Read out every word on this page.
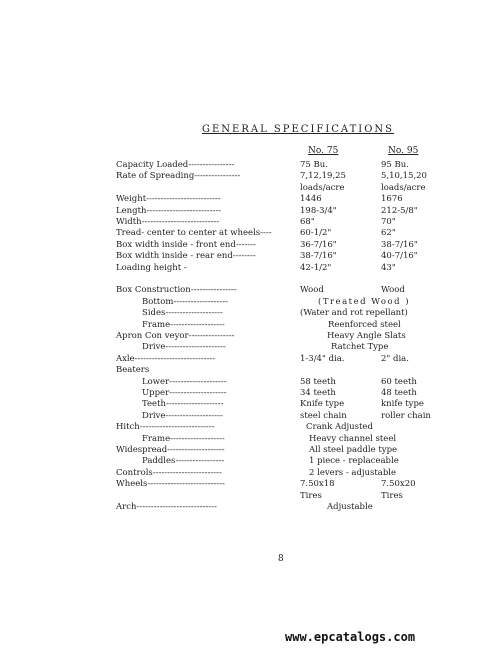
GENERAL SPECIFICATIONS
No. 75	No. 95
Capacity Loaded----------------	75 Bu.	95 Bu.
Rate of Spreading----------------	7,12,19,25	5,10,15,20
loads/acre	loads/acre
Weight--------------------------	1446	1676
Length--------------------------	198-3/4"	212-5/8"
Width---------------------------	68"	70"
Tread- center to center at wheels----	60-1/2"	62"
Box width inside - front end-------	36-7/16"	38-7/16"
Box width inside - rear end--------	38-7/16"	40-7/16"
Loading height -	42-1/2"	43"
Box Construction----------------	Wood	Wood
Bottom-------------------	(Treated Wood )
Sides--------------------	(Water and rot repellant)
Frame-------------------	Reenforced steel
Apron Con veyor----------------	Heavy Angle Slats
Drive---------------------	Ratchet Type
Axle----------------------------	1-3/4" dia.	2" dia.
Beaters
Lower--------------------	58 teeth	60 teeth
Upper--------------------	34 teeth	48 teeth
Teeth--------------------	Knife type	knife type
Drive--------------------	steel chain	roller chain
Hitch--------------------------	Crank Adjusted
Frame-------------------	Heavy channel steel
Widespread--------------------	All steel paddle type
Paddles-----------------	1 piece - replaceable
Controls------------------------	2 levers - adjustable
Wheels---------------------------	7.50x18	7.50x20
Tires	Tires
Arch----------------------------	Adjustable
8
www.epcatalogs.com
